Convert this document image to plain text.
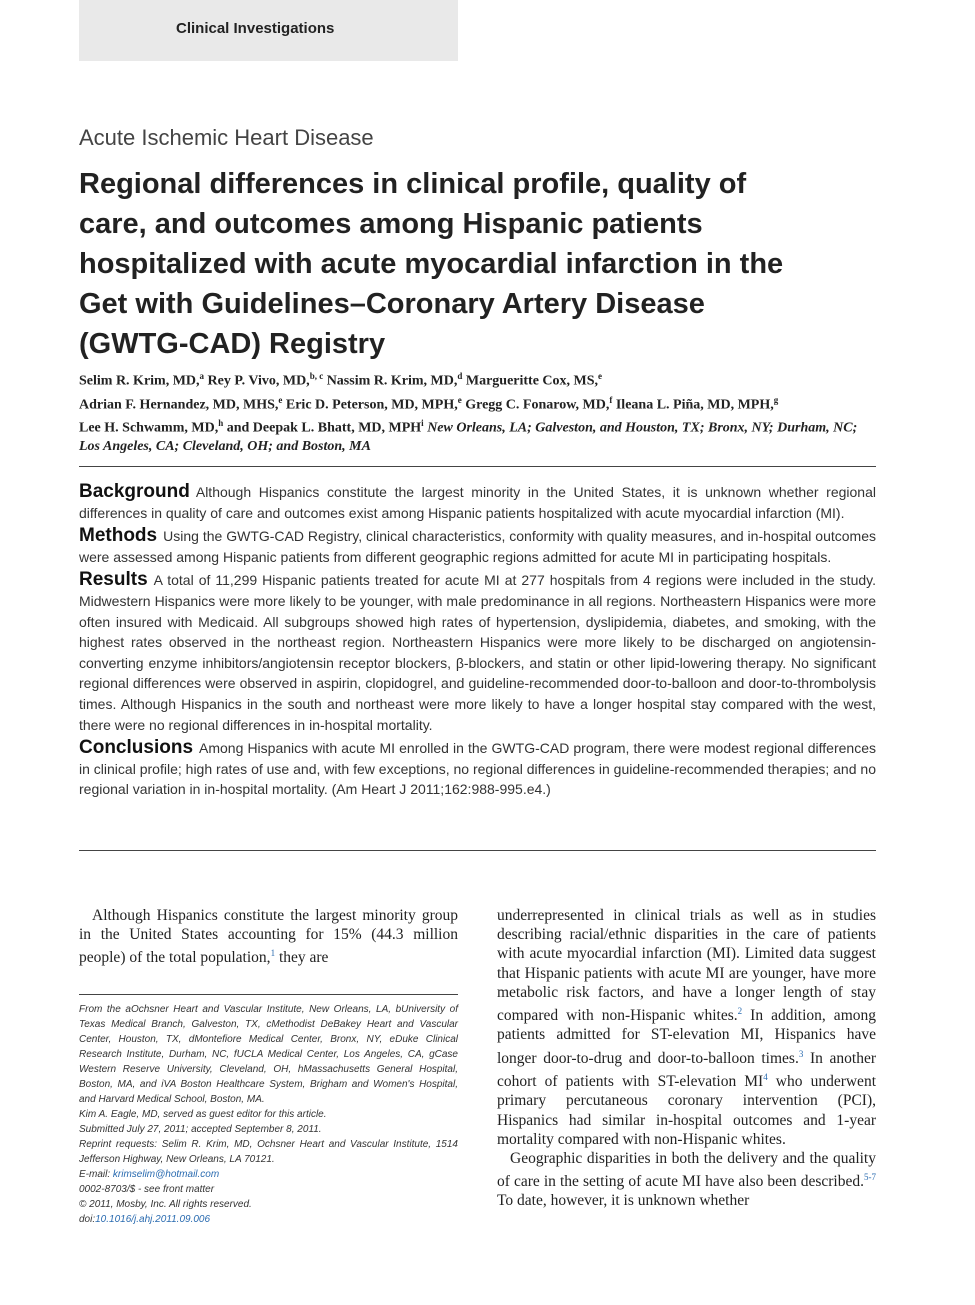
Clinical Investigations
Acute Ischemic Heart Disease
Regional differences in clinical profile, quality of care, and outcomes among Hispanic patients hospitalized with acute myocardial infarction in the Get with Guidelines–Coronary Artery Disease (GWTG-CAD) Registry
Selim R. Krim, MD,$^a$ Rey P. Vivo, MD,$^{b, c}$ Nassim R. Krim, MD,$^d$ Margueritte Cox, MS,$^e$
Adrian F. Hernandez, MD, MHS,$^e$ Eric D. Peterson, MD, MPH,$^e$ Gregg C. Fonarow, MD,$^f$ Ileana L. Piña, MD, MPH,$^g$
Lee H. Schwamm, MD,$^h$ and Deepak L. Bhatt, MD, MPH$^i$ New Orleans, LA; Galveston, and Houston, TX; Bronx, NY; Durham, NC; Los Angeles, CA; Cleveland, OH; and Boston, MA

Background Although Hispanics constitute the largest minority in the United States, it is unknown whether regional differences in quality of care and outcomes exist among Hispanic patients hospitalized with acute myocardial infarction (MI).

Methods Using the GWTG-CAD Registry, clinical characteristics, conformity with quality measures, and in-hospital outcomes were assessed among Hispanic patients from different geographic regions admitted for acute MI in participating hospitals.

Results A total of 11,299 Hispanic patients treated for acute MI at 277 hospitals from 4 regions were included in the study. Midwestern Hispanics were more likely to be younger, with male predominance in all regions. Northeastern Hispanics were more often insured with Medicaid. All subgroups showed high rates of hypertension, dyslipidemia, diabetes, and smoking, with the highest rates observed in the northeast region. Northeastern Hispanics were more likely to be discharged on angiotensin-converting enzyme inhibitors/angiotensin receptor blockers, β-blockers, and statin or other lipid-lowering therapy. No significant regional differences were observed in aspirin, clopidogrel, and guideline-recommended door-to-balloon and door-to-thrombolysis times. Although Hispanics in the south and northeast were more likely to have a longer hospital stay compared with the west, there were no regional differences in in-hospital mortality.

Conclusions Among Hispanics with acute MI enrolled in the GWTG-CAD program, there were modest regional differences in clinical profile; high rates of use and, with few exceptions, no regional differences in guideline-recommended therapies; and no regional variation in in-hospital mortality. (Am Heart J 2011;162:988-995.e4.)

Although Hispanics constitute the largest minority group in the United States accounting for 15% (44.3 million people) of the total population,$^1$ they are

From the aOchsner Heart and Vascular Institute, New Orleans, LA, bUniversity of Texas Medical Branch, Galveston, TX, cMethodist DeBakey Heart and Vascular Center, Houston, TX, dMontefiore Medical Center, Bronx, NY, eDuke Clinical Research Institute, Durham, NC, fUCLA Medical Center, Los Angeles, CA, gCase Western Reserve University, Cleveland, OH, hMassachusetts General Hospital, Boston, MA, and iVA Boston Healthcare System, Brigham and Women's Hospital, and Harvard Medical School, Boston, MA.
Kim A. Eagle, MD, served as guest editor for this article.
Submitted July 27, 2011; accepted September 8, 2011.
Reprint requests: Selim R. Krim, MD, Ochsner Heart and Vascular Institute, 1514 Jefferson Highway, New Orleans, LA 70121.
E-mail: krimselim@hotmail.com
0002-8703/$ - see front matter
© 2011, Mosby, Inc. All rights reserved.
doi:10.1016/j.ahj.2011.09.006

underrepresented in clinical trials as well as in studies describing racial/ethnic disparities in the care of patients with acute myocardial infarction (MI). Limited data suggest that Hispanic patients with acute MI are younger, have more metabolic risk factors, and have a longer length of stay compared with non-Hispanic whites.$^2$ In addition, among patients admitted for ST-elevation MI, Hispanics have longer door-to-drug and door-to-balloon times.$^3$ In another cohort of patients with ST-elevation MI$^4$ who underwent primary percutaneous coronary intervention (PCI), Hispanics had similar in-hospital outcomes and 1-year mortality compared with non-Hispanic whites.

Geographic disparities in both the delivery and the quality of care in the setting of acute MI have also been described.$^{5-7}$ To date, however, it is unknown whether
